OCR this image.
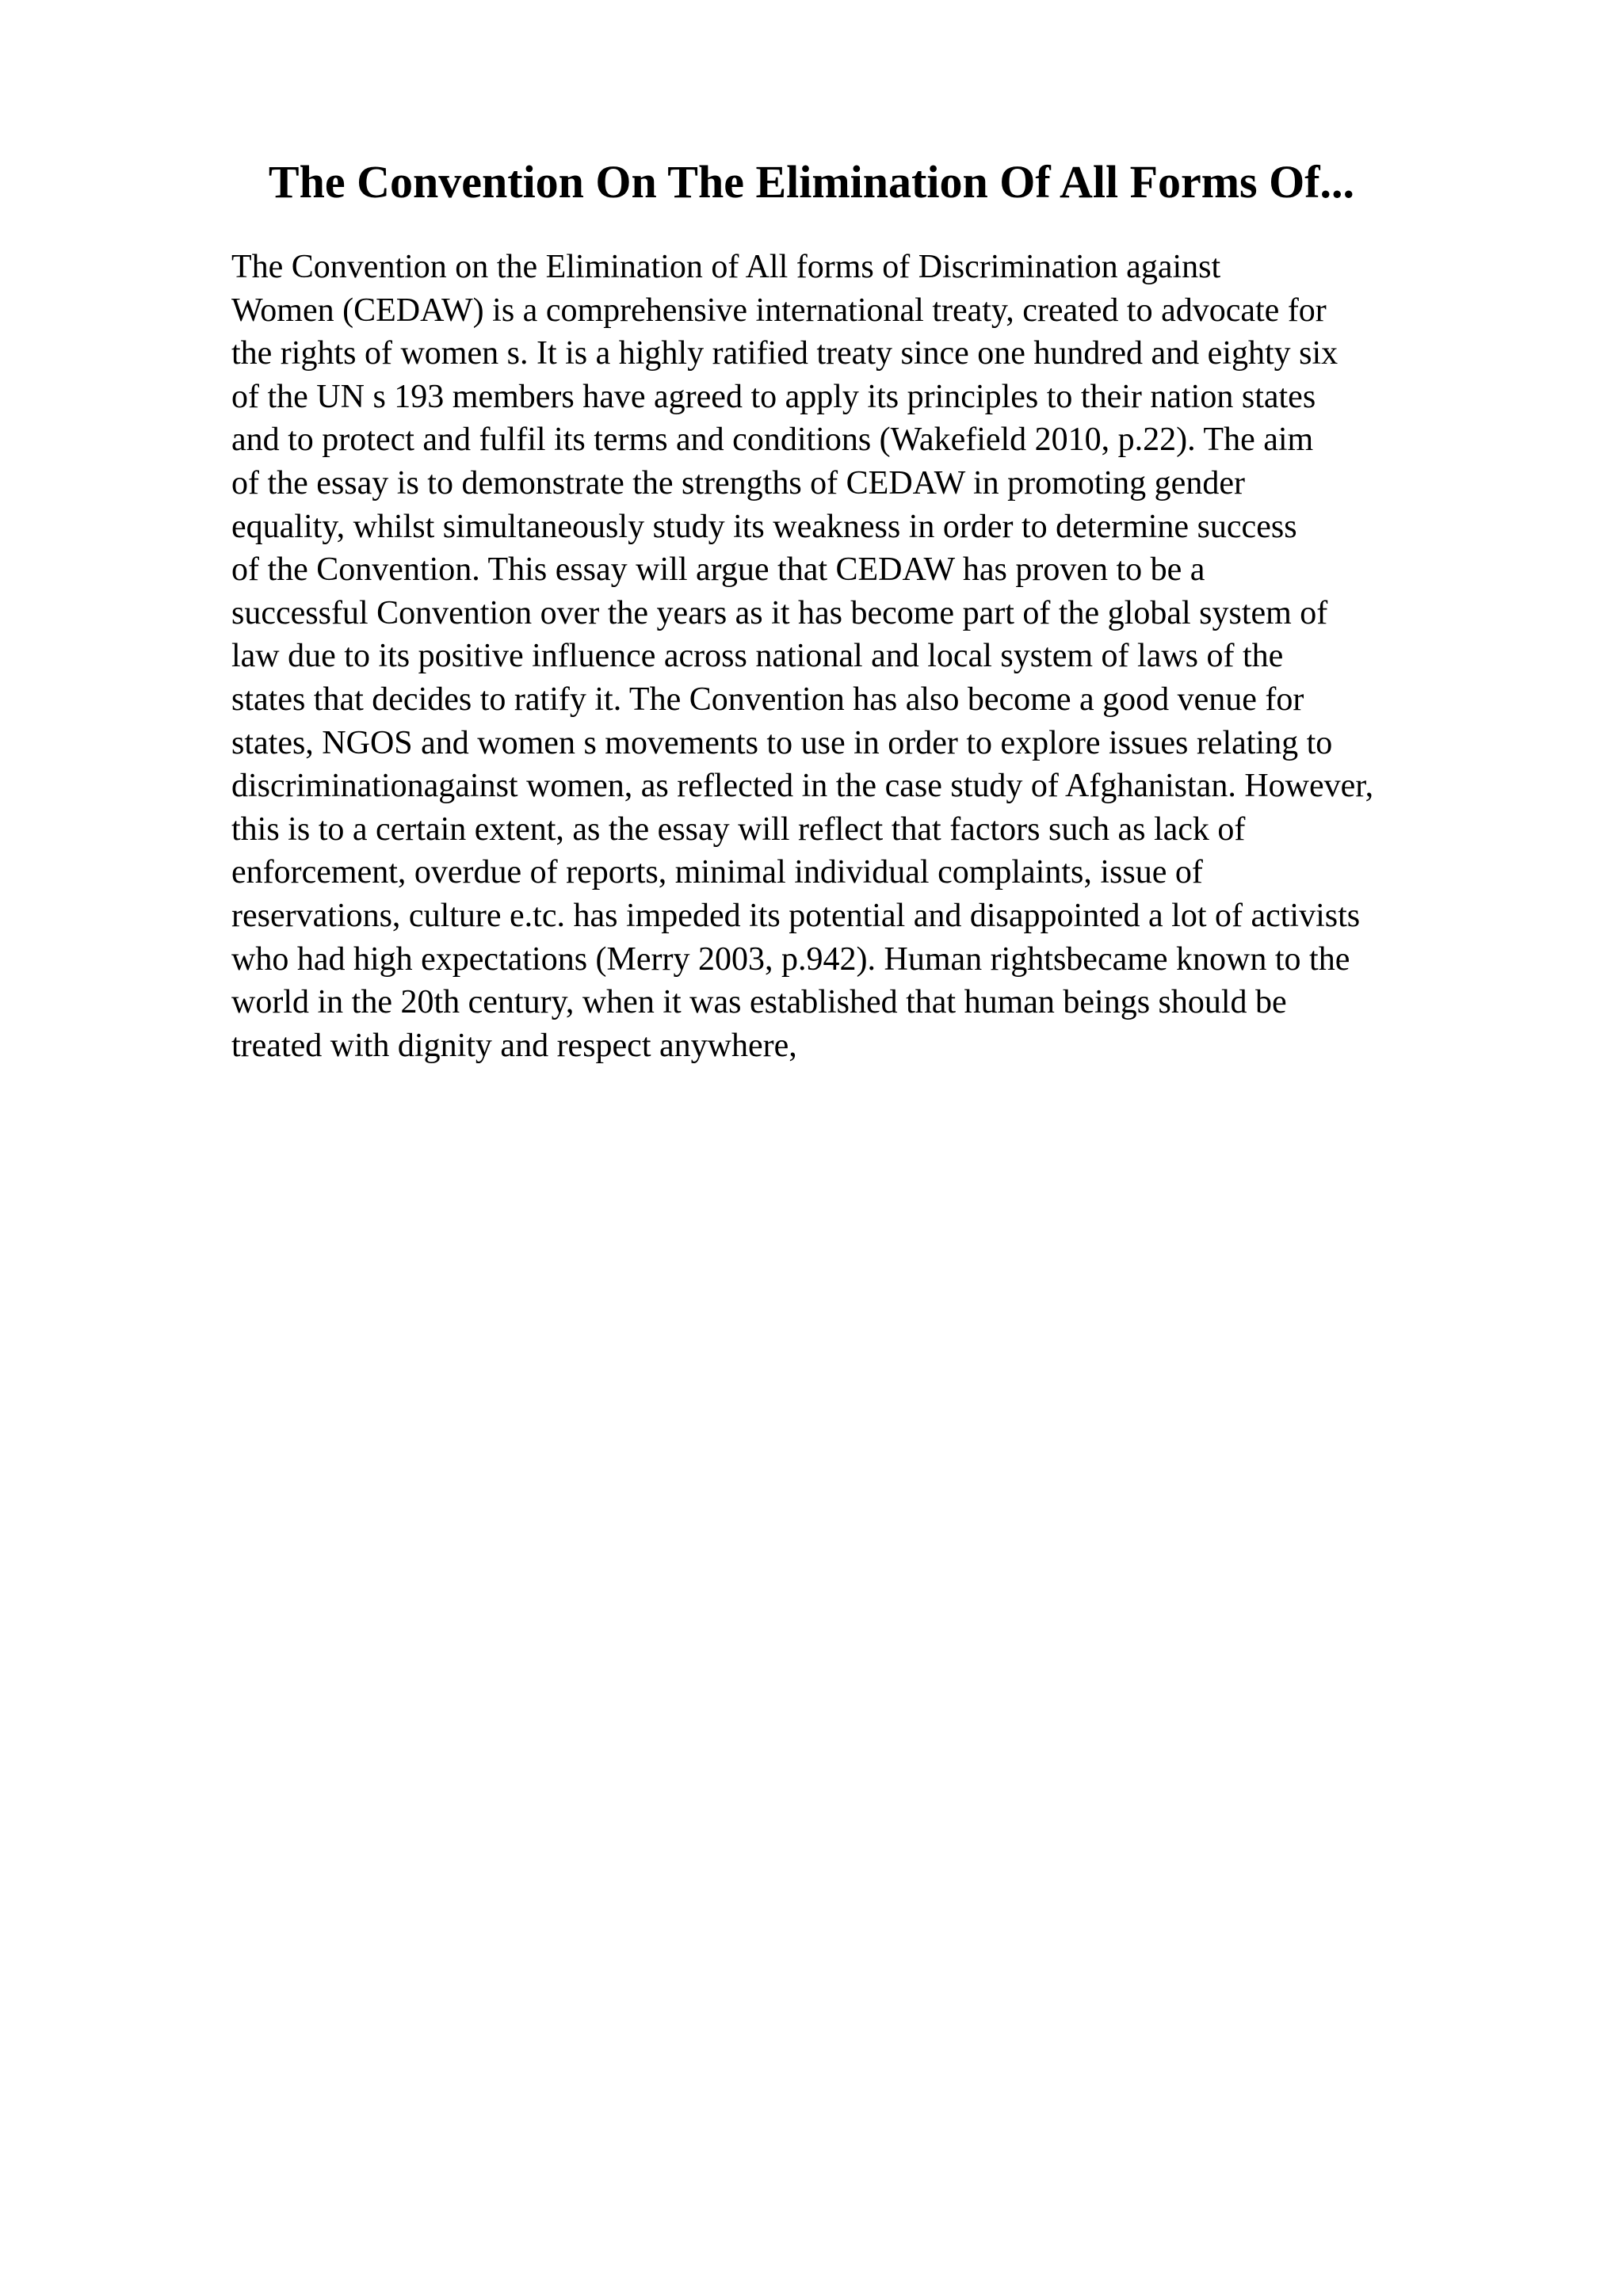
The Convention On The Elimination Of All Forms Of...
The Convention on the Elimination of All forms of Discrimination against
Women (CEDAW) is a comprehensive international treaty, created to advocate for
the rights of women s. It is a highly ratified treaty since one hundred and eighty six
of the UN s 193 members have agreed to apply its principles to their nation states
and to protect and fulfil its terms and conditions (Wakefield 2010, p.22). The aim
of the essay is to demonstrate the strengths of CEDAW in promoting gender
equality, whilst simultaneously study its weakness in order to determine success
of the Convention. This essay will argue that CEDAW has proven to be a
successful Convention over the years as it has become part of the global system of
law due to its positive influence across national and local system of laws of the
states that decides to ratify it. The Convention has also become a good venue for
states, NGOS and women s movements to use in order to explore issues relating to
discriminationagainst women, as reflected in the case study of Afghanistan. However,
this is to a certain extent, as the essay will reflect that factors such as lack of
enforcement, overdue of reports, minimal individual complaints, issue of
reservations, culture e.tc. has impeded its potential and disappointed a lot of activists
who had high expectations (Merry 2003, p.942). Human rightsbecame known to the
world in the 20th century, when it was established that human beings should be
treated with dignity and respect anywhere,
